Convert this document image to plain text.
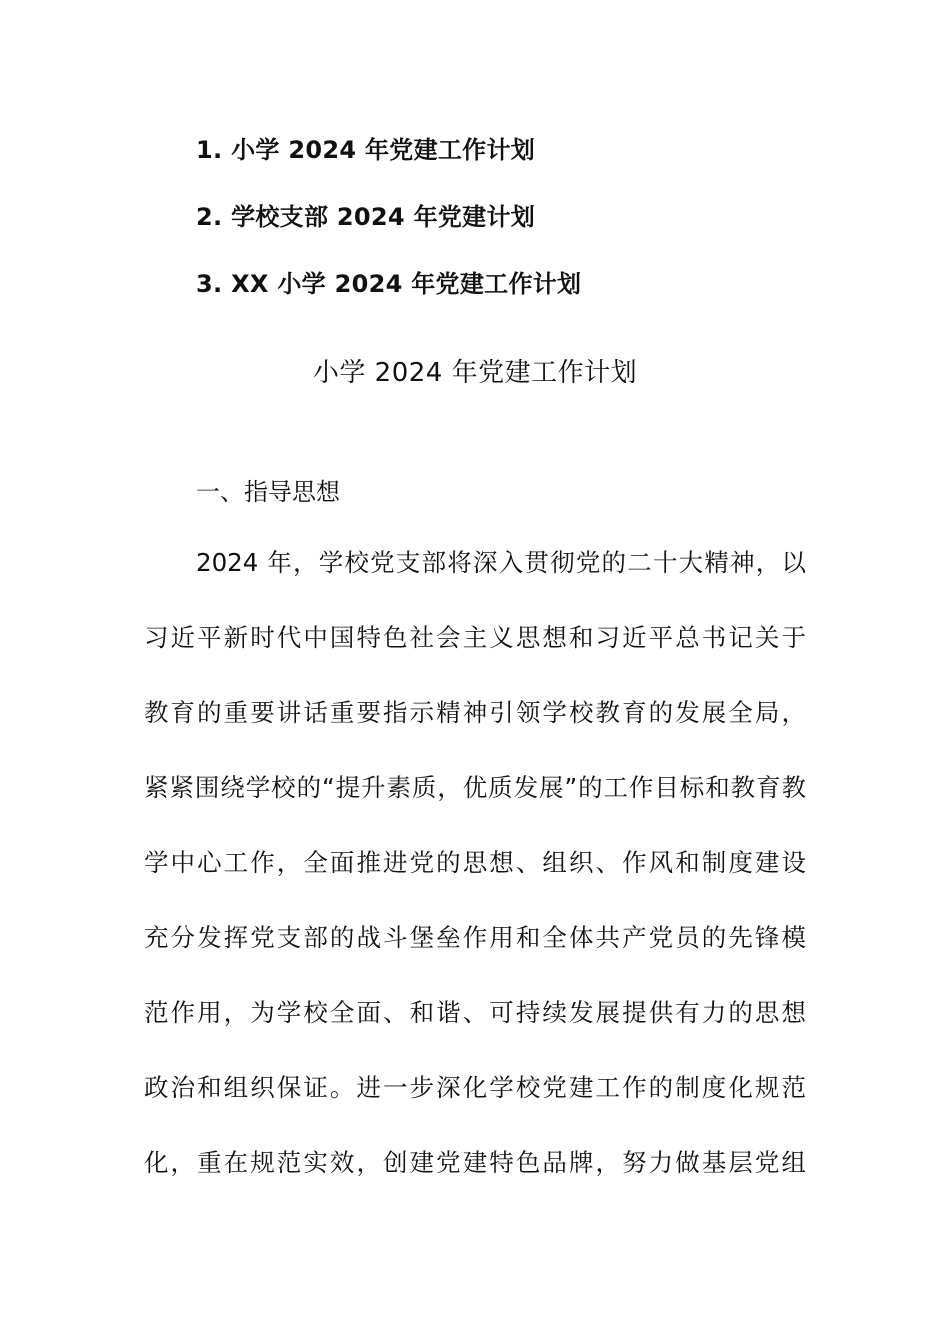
1. 小学 2024 年党建工作计划
2. 学校支部 2024 年党建计划
3. XX 小学 2024 年党建工作计划
小学 2024 年党建工作计划
一、指导思想
2024 年，学校党支部将深入贯彻党的二十大精神，以
习近平新时代中国特色社会主义思想和习近平总书记关于
教育的重要讲话重要指示精神引领学校教育的发展全局，
紧紧围绕学校的“提升素质，优质发展”的工作目标和教育教
学中心工作，全面推进党的思想、组织、作风和制度建设
充分发挥党支部的战斗堡垒作用和全体共产党员的先锋模
范作用，为学校全面、和谐、可持续发展提供有力的思想
政治和组织保证。进一步深化学校党建工作的制度化规范
化，重在规范实效，创建党建特色品牌，努力做基层党组
